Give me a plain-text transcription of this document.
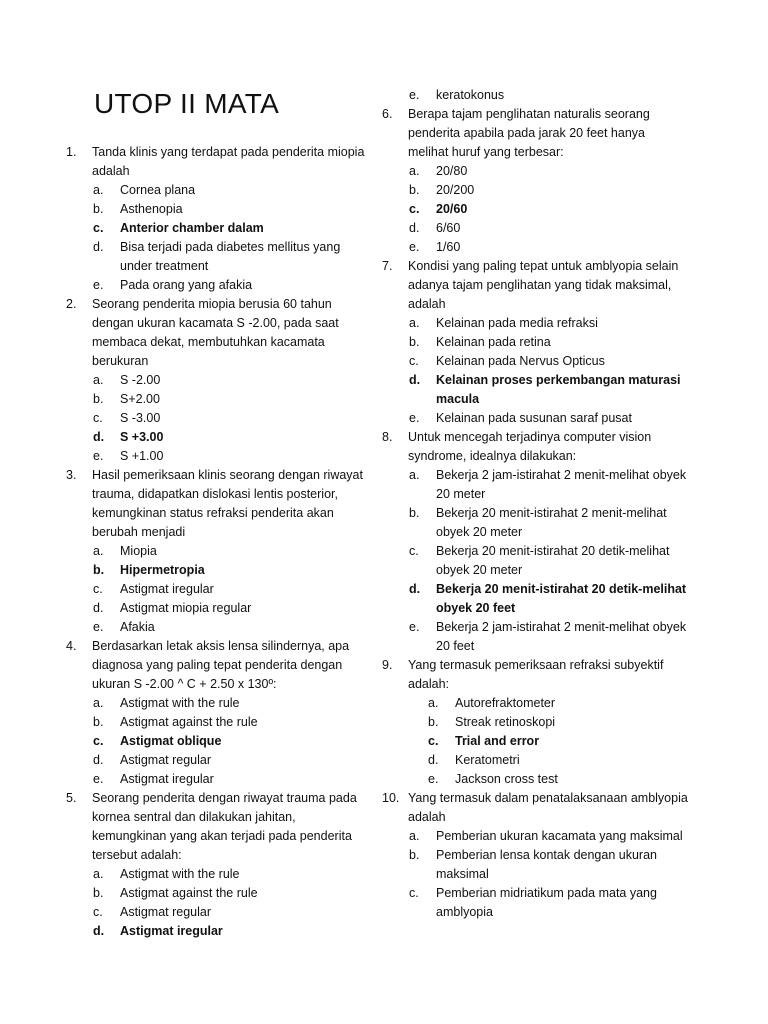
UTOP II MATA
1.	Tanda klinis yang terdapat pada penderita miopia adalah
a.	Cornea plana
b.	Asthenopia
c.	Anterior chamber dalam
d.	Bisa terjadi pada diabetes mellitus yang under treatment
e.	Pada orang yang afakia
2.	Seorang penderita miopia berusia 60 tahun dengan ukuran kacamata S -2.00, pada saat membaca dekat, membutuhkan kacamata berukuran
a.	S -2.00
b.	S+2.00
c.	S -3.00
d.	S +3.00
e.	S +1.00
3.	Hasil pemeriksaan klinis seorang dengan riwayat trauma, didapatkan dislokasi lentis posterior, kemungkinan status refraksi penderita akan berubah menjadi
a.	Miopia
b.	Hipermetropia
c.	Astigmat iregular
d.	Astigmat miopia regular
e.	Afakia
4.	Berdasarkan letak aksis lensa silindernya, apa diagnosa yang paling tepat penderita dengan ukuran S -2.00 ^ C + 2.50 x 130º:
a.	Astigmat with the rule
b.	Astigmat against the rule
c.	Astigmat oblique
d.	Astigmat regular
e.	Astigmat iregular
5.	Seorang penderita dengan riwayat trauma pada kornea sentral dan dilakukan jahitan, kemungkinan yang akan terjadi pada penderita tersebut adalah:
a.	Astigmat with the rule
b.	Astigmat against the rule
c.	Astigmat regular
d.	Astigmat iregular
e.	keratokonus
6.	Berapa tajam penglihatan naturalis seorang penderita apabila pada jarak 20 feet hanya melihat huruf yang terbesar:
a.	20/80
b.	20/200
c.	20/60
d.	6/60
e.	1/60
7.	Kondisi yang paling tepat untuk amblyopia selain adanya tajam penglihatan yang tidak maksimal, adalah
a.	Kelainan pada media refraksi
b.	Kelainan pada retina
c.	Kelainan pada Nervus Opticus
d.	Kelainan proses perkembangan maturasi macula
e.	Kelainan pada susunan saraf pusat
8.	Untuk mencegah terjadinya computer vision syndrome, idealnya dilakukan:
a.	Bekerja 2 jam-istirahat 2 menit-melihat obyek 20 meter
b.	Bekerja 20 menit-istirahat 2 menit-melihat obyek 20 meter
c.	Bekerja 20 menit-istirahat 20 detik-melihat obyek 20 meter
d.	Bekerja 20 menit-istirahat 20 detik-melihat obyek 20 feet
e.	Bekerja 2 jam-istirahat 2 menit-melihat obyek 20 feet
9.	Yang termasuk pemeriksaan refraksi subyektif adalah:
a.	Autorefraktometer
b.	Streak retinoskopi
c.	Trial and error
d.	Keratometri
e.	Jackson cross test
10. Yang termasuk dalam penatalaksanaan amblyopia adalah
a.	Pemberian ukuran kacamata yang maksimal
b.	Pemberian lensa kontak dengan ukuran maksimal
c.	Pemberian midriatikum pada mata yang amblyopia
